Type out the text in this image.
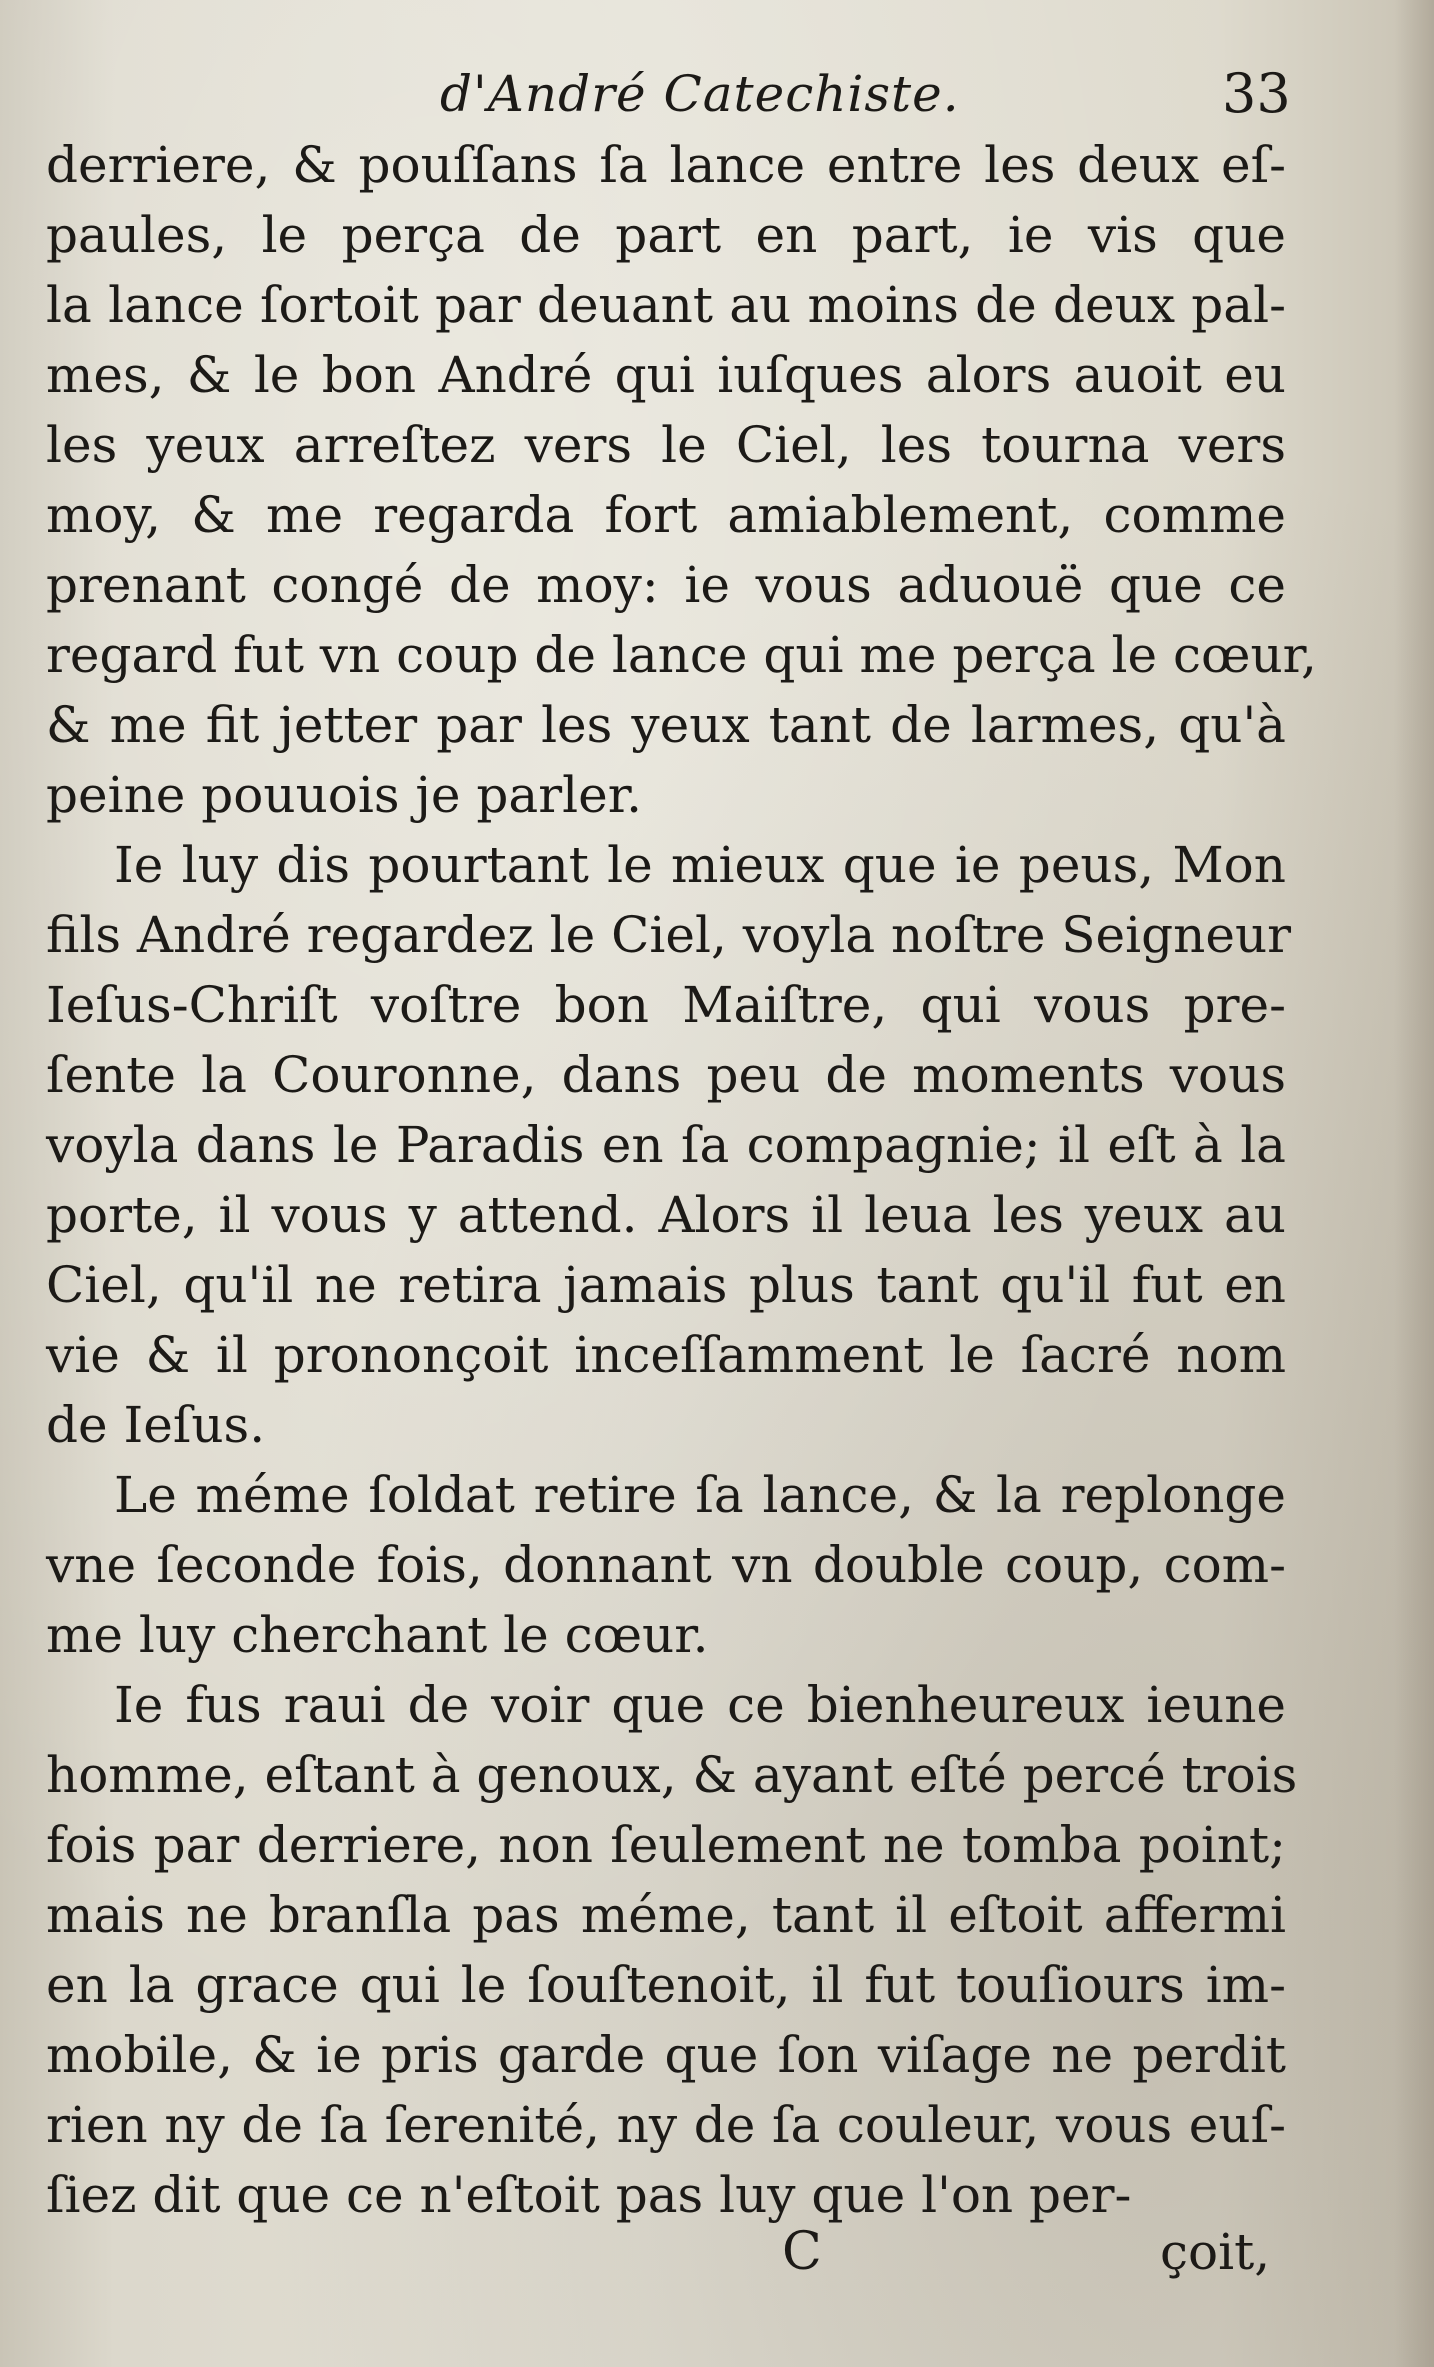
d'André Catechiste.	33
derriere, & pouſſans ſa lance entre les deux eſ-
paules, le perça de part en part, ie vis que
la lance ſortoit par deuant au moins de deux pal-
mes, & le bon André qui iuſques alors auoit eu
les yeux arreſtez vers le Ciel, les tourna vers
moy, & me regarda fort amiablement, comme
prenant congé de moy: ie vous aduouë que ce
regard fut vn coup de lance qui me perça le cœur,
& me fit jetter par les yeux tant de larmes, qu'à
peine pouuois je parler.
Ie luy dis pourtant le mieux que ie peus, Mon
fils André regardez le Ciel, voyla noſtre Seigneur
Ieſus-Chriſt voſtre bon Maiſtre, qui vous pre-
ſente la Couronne, dans peu de moments vous
voyla dans le Paradis en ſa compagnie; il eſt à la
porte, il vous y attend. Alors il leua les yeux au
Ciel, qu'il ne retira jamais plus tant qu'il fut en
vie & il prononçoit inceſſamment le ſacré nom
de Ieſus.
Le méme ſoldat retire ſa lance, & la replonge
vne ſeconde fois, donnant vn double coup, com-
me luy cherchant le cœur.
Ie fus raui de voir que ce bienheureux ieune
homme, eſtant à genoux, & ayant eſté percé trois
fois par derriere, non ſeulement ne tomba point;
mais ne branſla pas méme, tant il eſtoit affermi
en la grace qui le ſouſtenoit, il fut touſiours im-
mobile, & ie pris garde que ſon viſage ne perdit
rien ny de ſa ſerenité, ny de ſa couleur, vous euſ-
ſiez dit que ce n'eſtoit pas luy que l'on per-
C	çoit,
